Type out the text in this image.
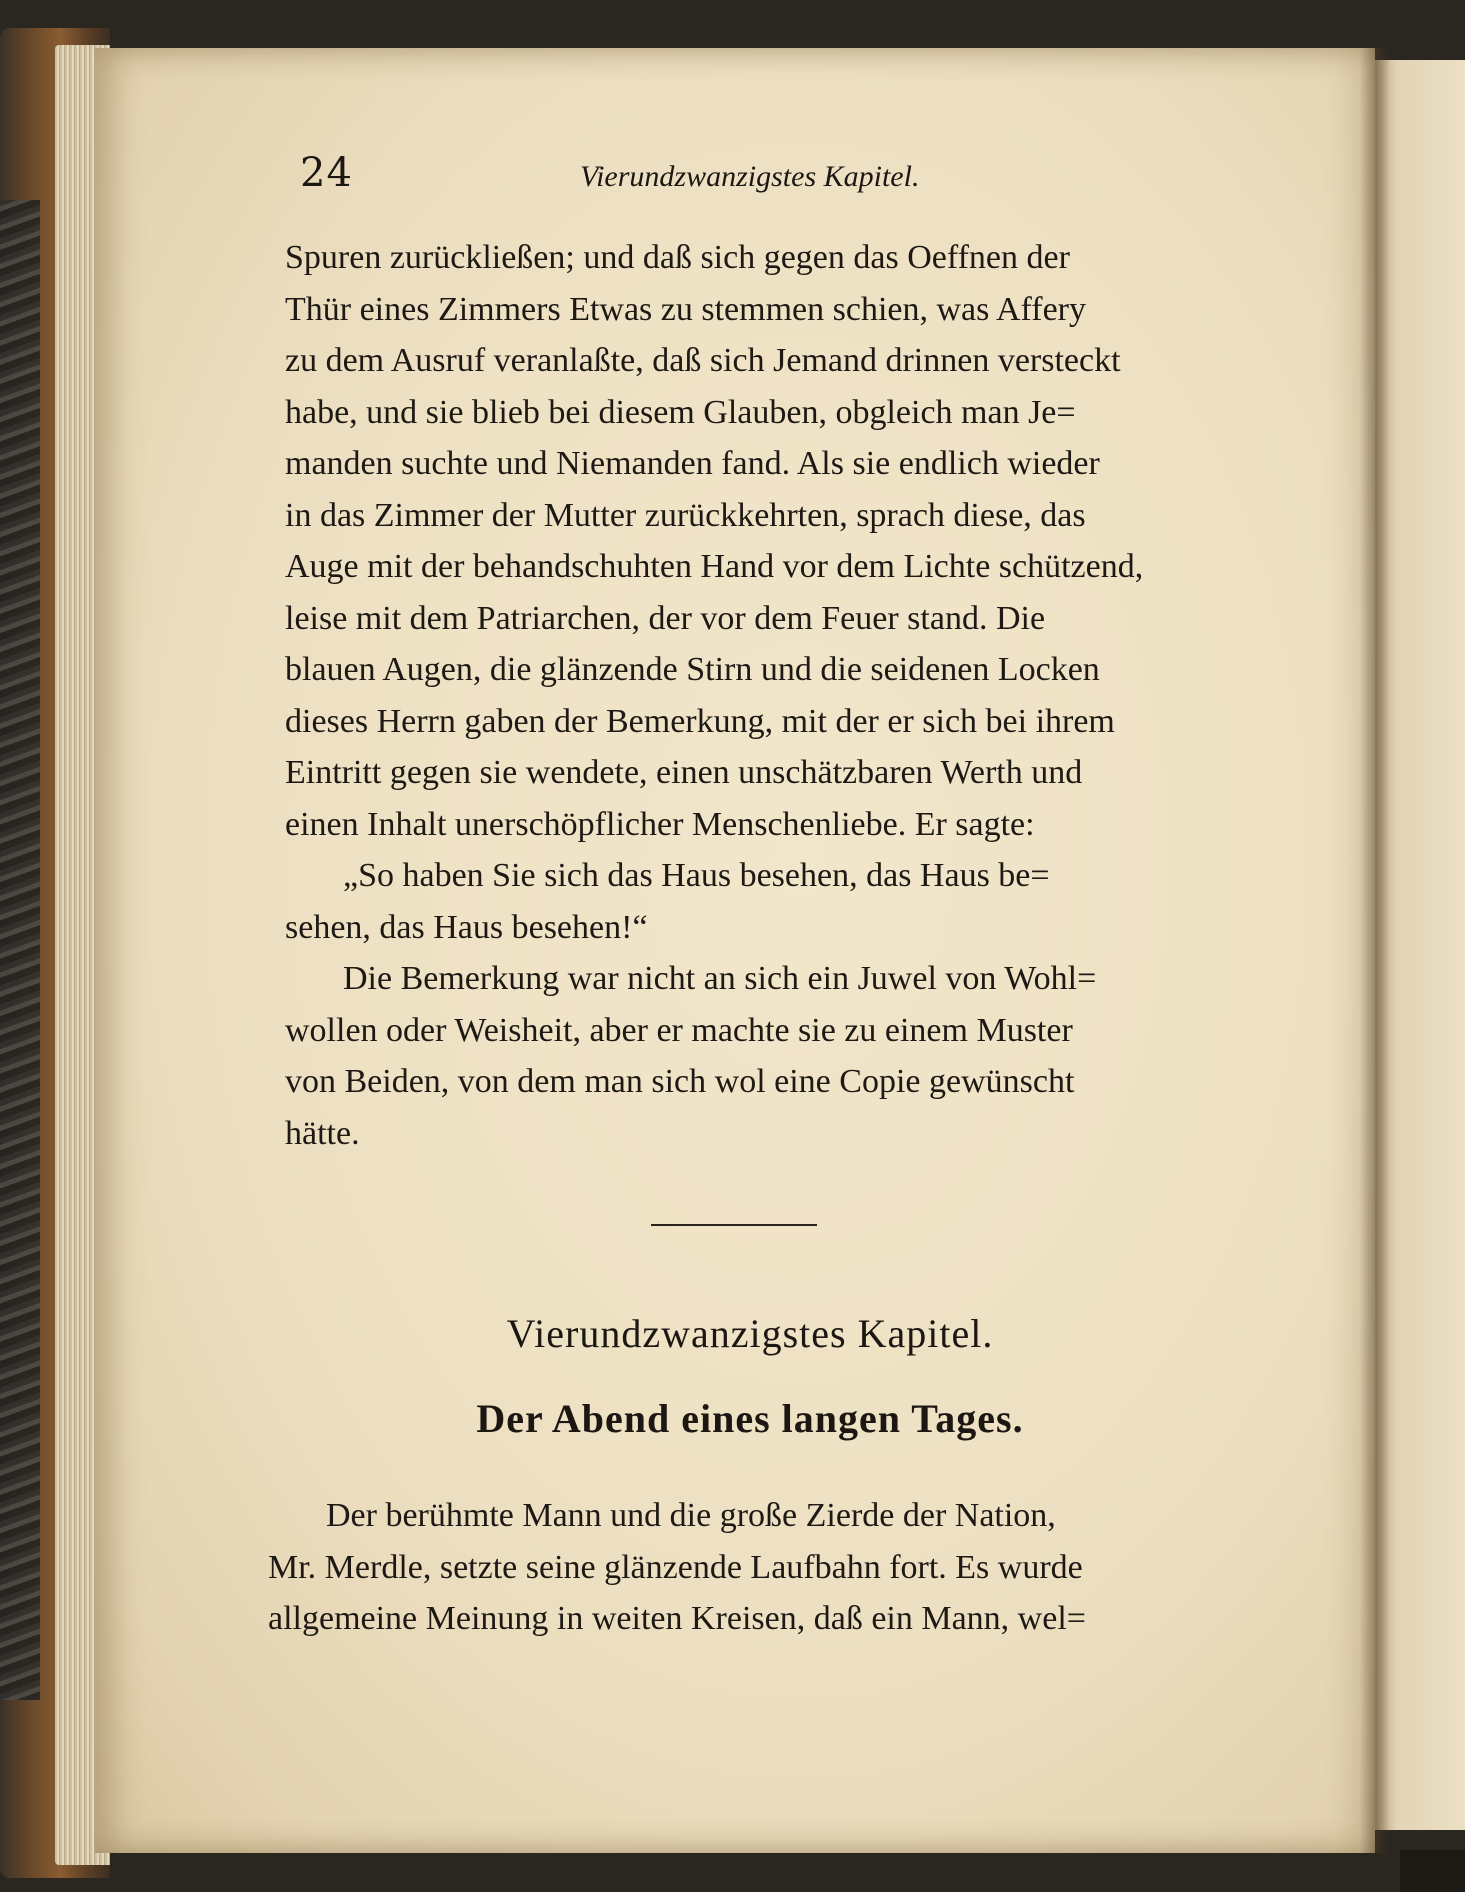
24	Vierundzwanzigstes Kapitel.

Spuren zurückließen; und daß sich gegen das Oeffnen der
Thür eines Zimmers Etwas zu stemmen schien, was Affery
zu dem Ausruf veranlaßte, daß sich Jemand drinnen versteckt
habe, und sie blieb bei diesem Glauben, obgleich man Je=
manden suchte und Niemanden fand. Als sie endlich wieder
in das Zimmer der Mutter zurückkehrten, sprach diese, das
Auge mit der behandschuhten Hand vor dem Lichte schützend,
leise mit dem Patriarchen, der vor dem Feuer stand. Die
blauen Augen, die glänzende Stirn und die seidenen Locken
dieses Herrn gaben der Bemerkung, mit der er sich bei ihrem
Eintritt gegen sie wendete, einen unschätzbaren Werth und
einen Inhalt unerschöpflicher Menschenliebe. Er sagte:

„So haben Sie sich das Haus besehen, das Haus be=
sehen, das Haus besehen!“

Die Bemerkung war nicht an sich ein Juwel von Wohl=
wollen oder Weisheit, aber er machte sie zu einem Muster
von Beiden, von dem man sich wol eine Copie gewünscht
hätte.

Vierundzwanzigstes Kapitel.
Der Abend eines langen Tages.

Der berühmte Mann und die große Zierde der Nation,
Mr. Merdle, setzte seine glänzende Laufbahn fort. Es wurde
allgemeine Meinung in weiten Kreisen, daß ein Mann, wel=
